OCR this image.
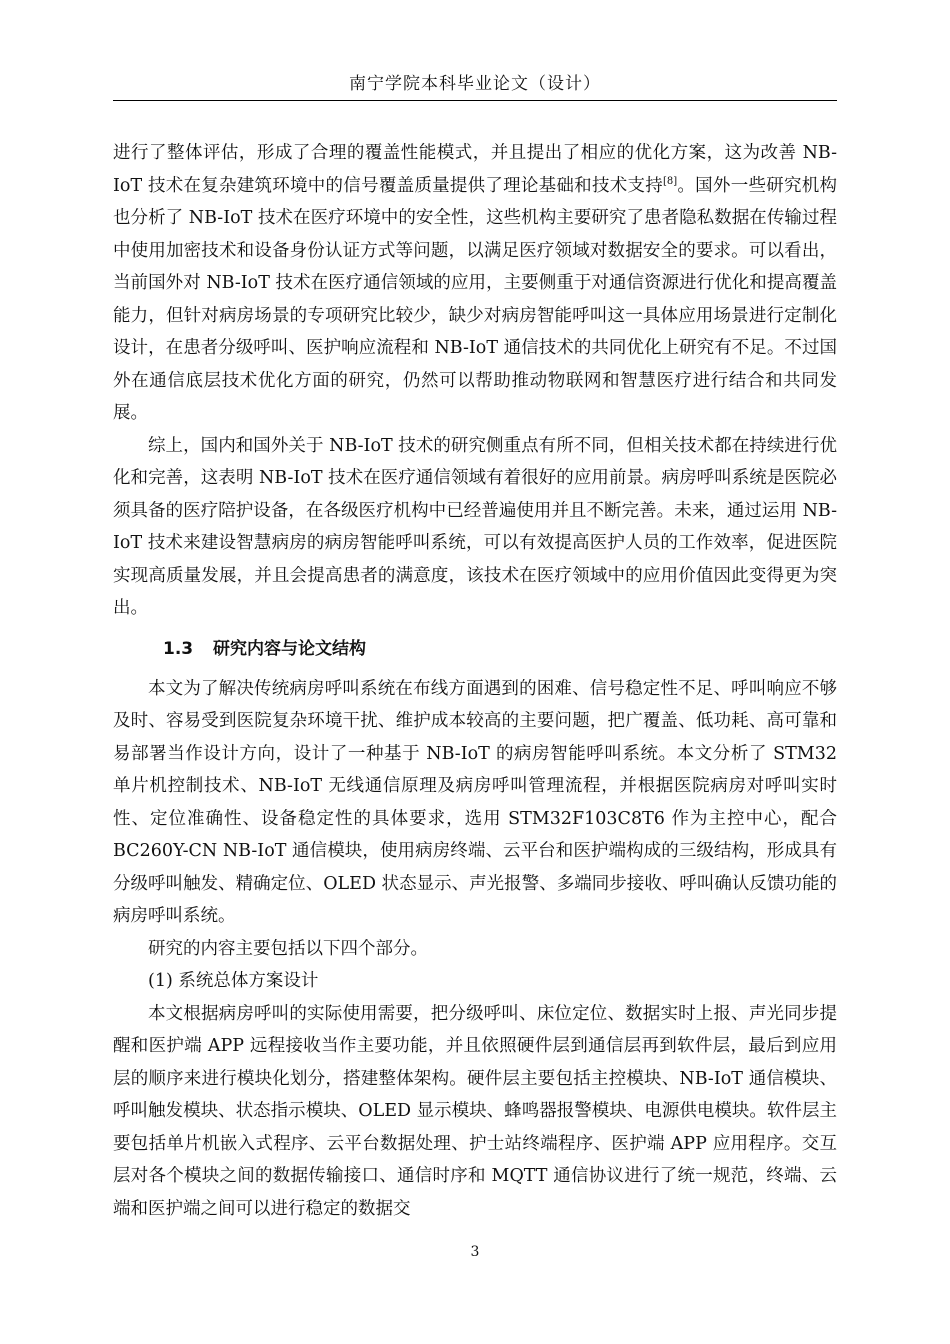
南宁学院本科毕业论文（设计）

进行了整体评估，形成了合理的覆盖性能模式，并且提出了相应的优化方案，这为改善 NB-IoT 技术在复杂建筑环境中的信号覆盖质量提供了理论基础和技术支持[8]。国外一些研究机构也分析了 NB-IoT 技术在医疗环境中的安全性，这些机构主要研究了患者隐私数据在传输过程中使用加密技术和设备身份认证方式等问题，以满足医疗领域对数据安全的要求。可以看出，当前国外对 NB-IoT 技术在医疗通信领域的应用，主要侧重于对通信资源进行优化和提高覆盖能力，但针对病房场景的专项研究比较少，缺少对病房智能呼叫这一具体应用场景进行定制化设计，在患者分级呼叫、医护响应流程和 NB-IoT 通信技术的共同优化上研究有不足。不过国外在通信底层技术优化方面的研究，仍然可以帮助推动物联网和智慧医疗进行结合和共同发展。

综上，国内和国外关于 NB-IoT 技术的研究侧重点有所不同，但相关技术都在持续进行优化和完善，这表明 NB-IoT 技术在医疗通信领域有着很好的应用前景。病房呼叫系统是医院必须具备的医疗陪护设备，在各级医疗机构中已经普遍使用并且不断完善。未来，通过运用 NB-IoT 技术来建设智慧病房的病房智能呼叫系统，可以有效提高医护人员的工作效率，促进医院实现高质量发展，并且会提高患者的满意度，该技术在医疗领域中的应用价值因此变得更为突出。

1.3 研究内容与论文结构

本文为了解决传统病房呼叫系统在布线方面遇到的困难、信号稳定性不足、呼叫响应不够及时、容易受到医院复杂环境干扰、维护成本较高的主要问题，把广覆盖、低功耗、高可靠和易部署当作设计方向，设计了一种基于 NB-IoT 的病房智能呼叫系统。本文分析了 STM32 单片机控制技术、NB-IoT 无线通信原理及病房呼叫管理流程，并根据医院病房对呼叫实时性、定位准确性、设备稳定性的具体要求，选用 STM32F103C8T6 作为主控中心，配合 BC260Y-CN NB-IoT 通信模块，使用病房终端、云平台和医护端构成的三级结构，形成具有分级呼叫触发、精确定位、OLED 状态显示、声光报警、多端同步接收、呼叫确认反馈功能的病房呼叫系统。

研究的内容主要包括以下四个部分。

(1) 系统总体方案设计

本文根据病房呼叫的实际使用需要，把分级呼叫、床位定位、数据实时上报、声光同步提醒和医护端 APP 远程接收当作主要功能，并且依照硬件层到通信层再到软件层，最后到应用层的顺序来进行模块化划分，搭建整体架构。硬件层主要包括主控模块、NB-IoT 通信模块、呼叫触发模块、状态指示模块、OLED 显示模块、蜂鸣器报警模块、电源供电模块。软件层主要包括单片机嵌入式程序、云平台数据处理、护士站终端程序、医护端 APP 应用程序。交互层对各个模块之间的数据传输接口、通信时序和 MQTT 通信协议进行了统一规范，终端、云端和医护端之间可以进行稳定的数据交

3
